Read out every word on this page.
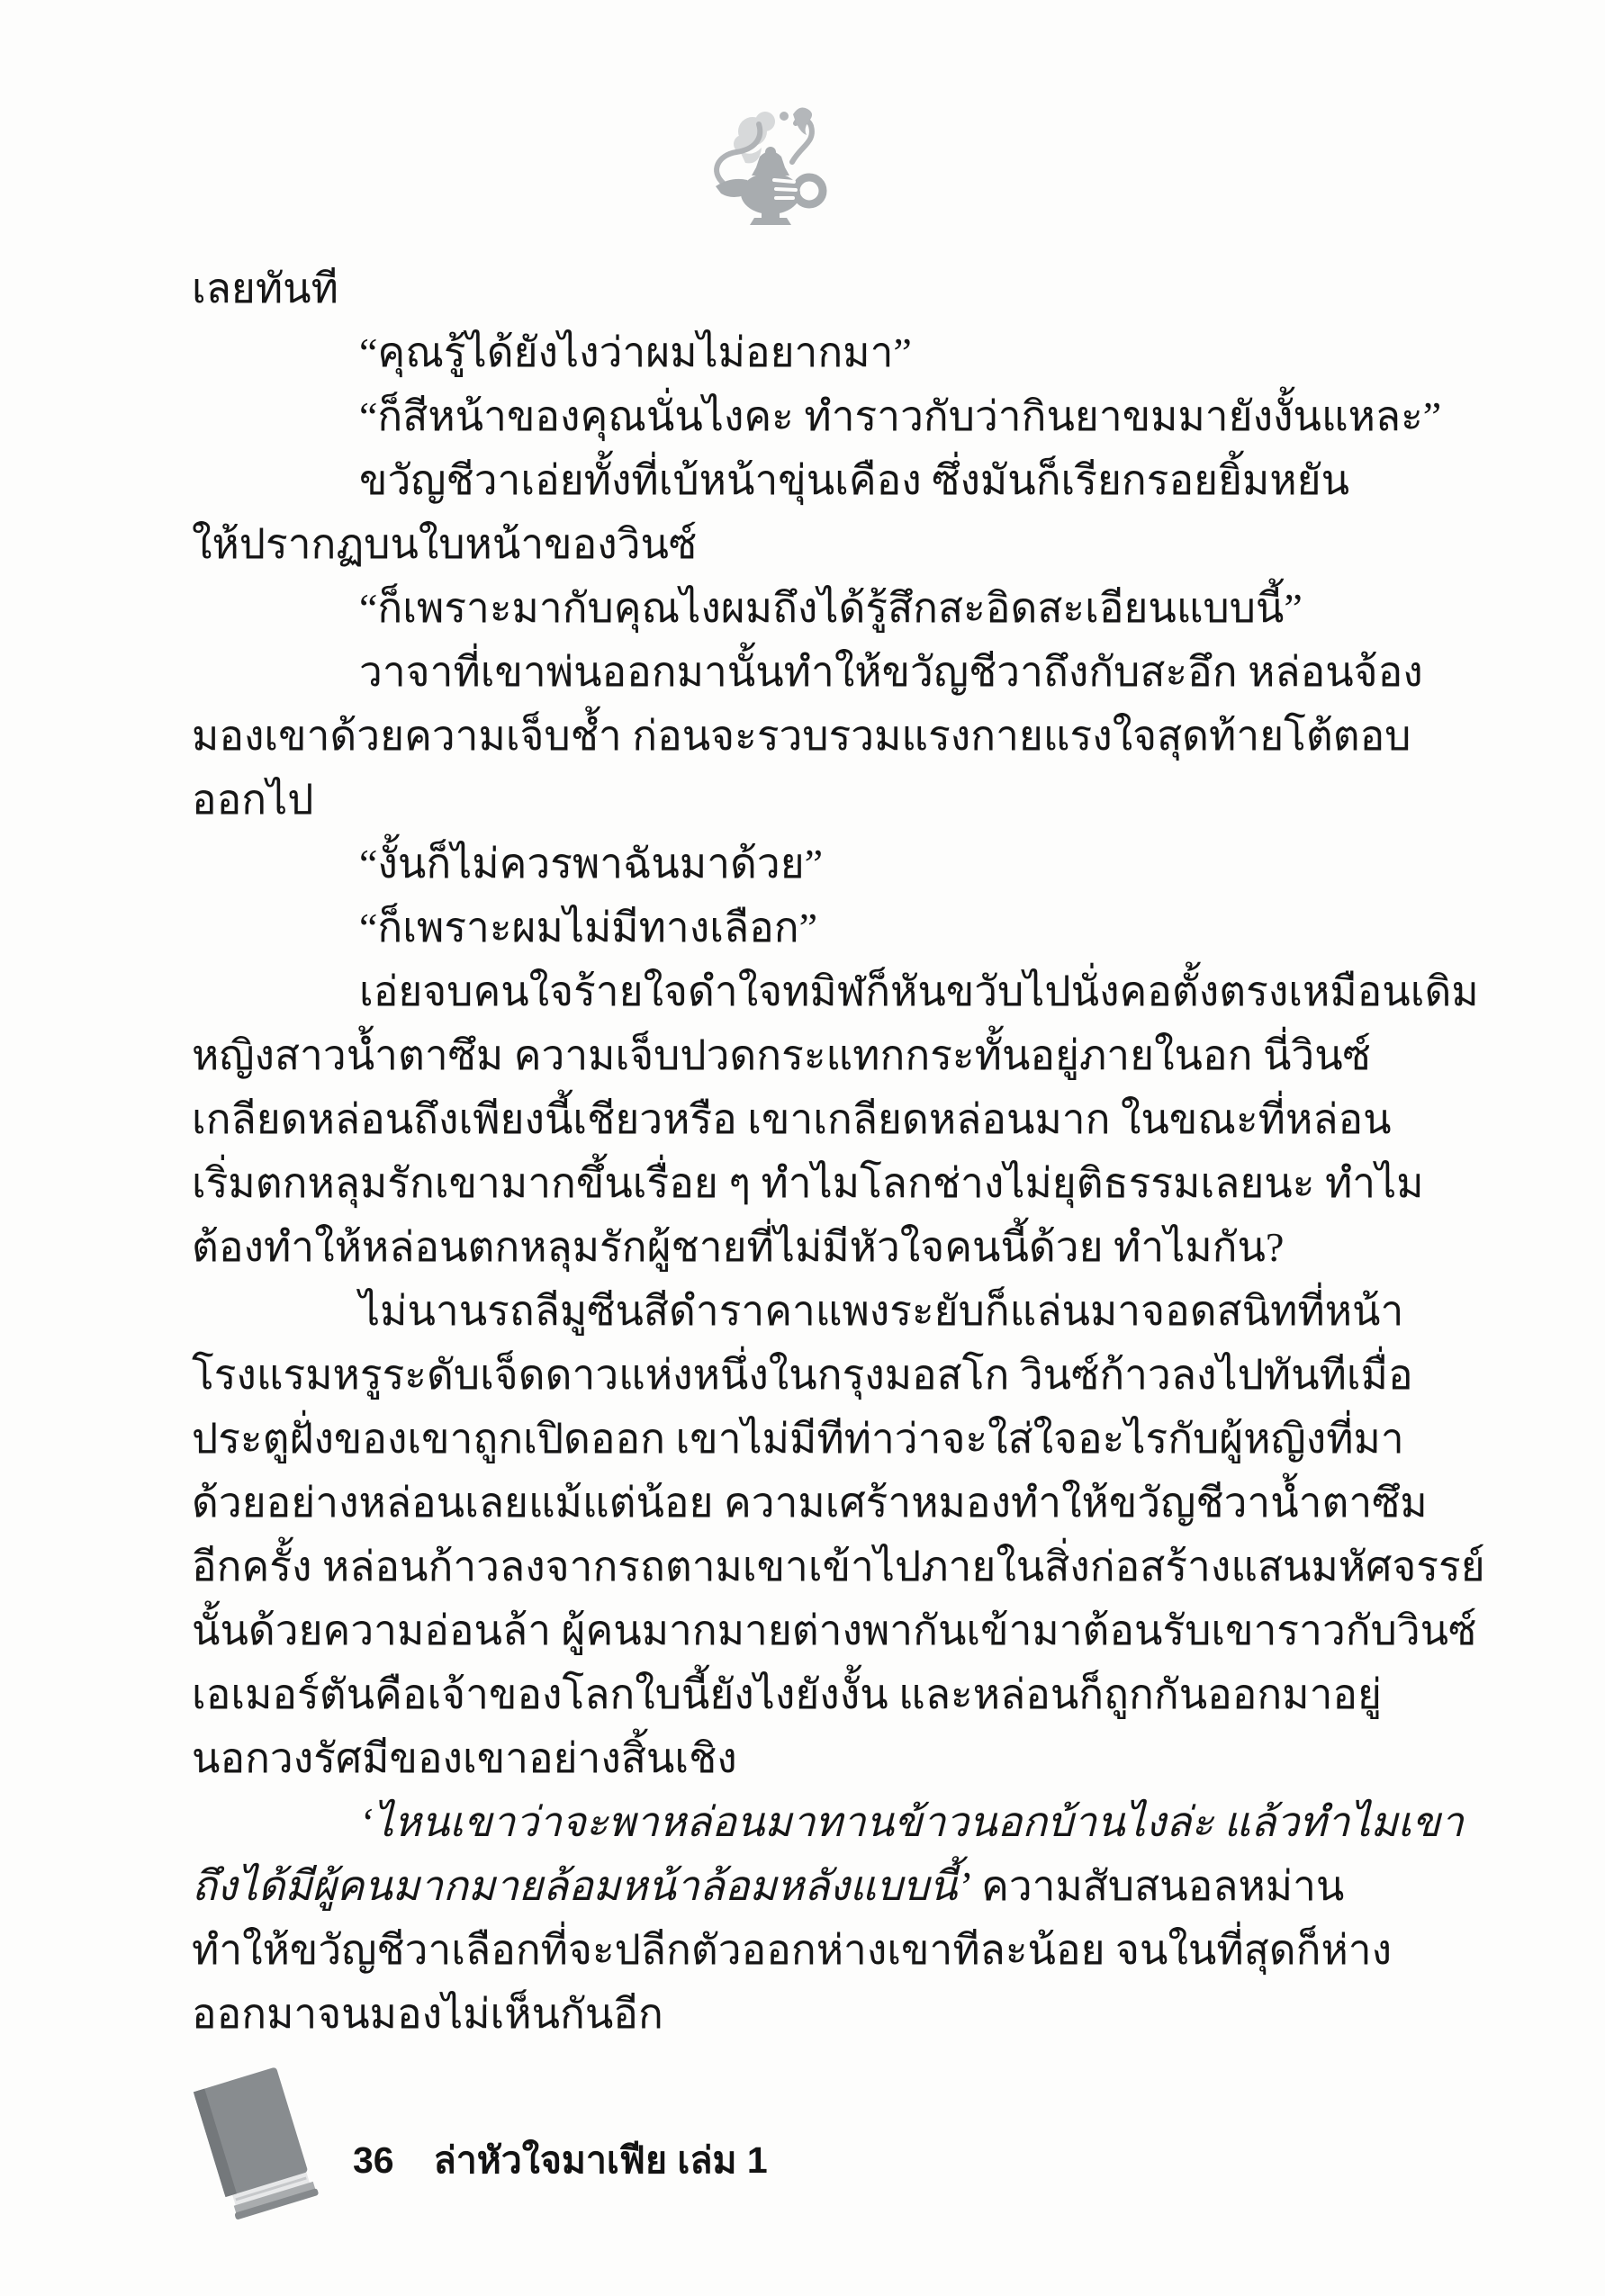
เลยทันที
“คุณรู้ได้ยังไงว่าผมไม่อยากมา”
“ก็สีหน้าของคุณนั่นไงคะ ทำราวกับว่ากินยาขมมายังงั้นแหละ”
ขวัญชีวาเอ่ยทั้งที่เบ้หน้าขุ่นเคือง ซึ่งมันก็เรียกรอยยิ้มหยัน
ให้ปรากฏบนใบหน้าของวินซ์
“ก็เพราะมากับคุณไงผมถึงได้รู้สึกสะอิดสะเอียนแบบนี้”
วาจาที่เขาพ่นออกมานั้นทำให้ขวัญชีวาถึงกับสะอึก หล่อนจ้อง
มองเขาด้วยความเจ็บช้ำ ก่อนจะรวบรวมแรงกายแรงใจสุดท้ายโต้ตอบ
ออกไป
“งั้นก็ไม่ควรพาฉันมาด้วย”
“ก็เพราะผมไม่มีทางเลือก”
เอ่ยจบคนใจร้ายใจดำใจทมิฬก็หันขวับไปนั่งคอตั้งตรงเหมือนเดิม
หญิงสาวน้ำตาซึม ความเจ็บปวดกระแทกกระทั้นอยู่ภายในอก นี่วินซ์
เกลียดหล่อนถึงเพียงนี้เชียวหรือ เขาเกลียดหล่อนมาก ในขณะที่หล่อน
เริ่มตกหลุมรักเขามากขึ้นเรื่อย ๆ ทำไมโลกช่างไม่ยุติธรรมเลยนะ ทำไม
ต้องทำให้หล่อนตกหลุมรักผู้ชายที่ไม่มีหัวใจคนนี้ด้วย ทำไมกัน?
ไม่นานรถลีมูซีนสีดำราคาแพงระยับก็แล่นมาจอดสนิทที่หน้า
โรงแรมหรูระดับเจ็ดดาวแห่งหนึ่งในกรุงมอสโก วินซ์ก้าวลงไปทันทีเมื่อ
ประตูฝั่งของเขาถูกเปิดออก เขาไม่มีทีท่าว่าจะใส่ใจอะไรกับผู้หญิงที่มา
ด้วยอย่างหล่อนเลยแม้แต่น้อย ความเศร้าหมองทำให้ขวัญชีวาน้ำตาซึม
อีกครั้ง หล่อนก้าวลงจากรถตามเขาเข้าไปภายในสิ่งก่อสร้างแสนมหัศจรรย์
นั้นด้วยความอ่อนล้า ผู้คนมากมายต่างพากันเข้ามาต้อนรับเขาราวกับวินซ์
เอเมอร์ตันคือเจ้าของโลกใบนี้ยังไงยังงั้น และหล่อนก็ถูกกันออกมาอยู่
นอกวงรัศมีของเขาอย่างสิ้นเชิง
‘ไหนเขาว่าจะพาหล่อนมาทานข้าวนอกบ้านไงล่ะ แล้วทำไมเขา
ถึงได้มีผู้คนมากมายล้อมหน้าล้อมหลังแบบนี้’ ความสับสนอลหม่าน
ทำให้ขวัญชีวาเลือกที่จะปลีกตัวออกห่างเขาทีละน้อย จนในที่สุดก็ห่าง
ออกมาจนมองไม่เห็นกันอีก
36 ล่าหัวใจมาเฟีย เล่ม 1
